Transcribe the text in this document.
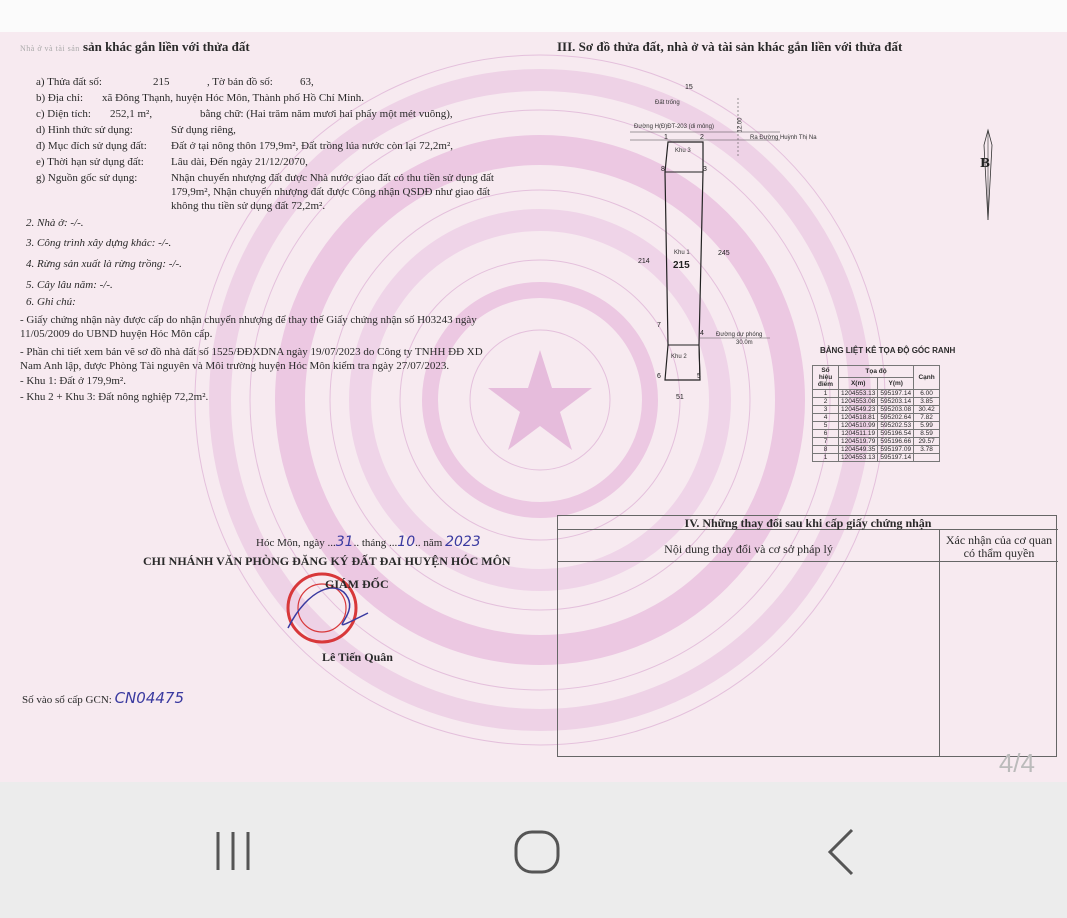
Nhà ở và tài sản sản khác gắn liền với thửa đất
a) Thửa đất số:	215	, Tờ bản đồ số: 63,
b) Địa chỉ: xã Đông Thạnh, huyện Hóc Môn, Thành phố Hồ Chí Minh.
c) Diện tích: 252,1 m²,	bằng chữ: (Hai trăm năm mươi hai phẩy một mét vuông),
d) Hình thức sử dụng:	Sử dụng riêng,
đ) Mục đích sử dụng đất: Đất ở tại nông thôn 179,9m², Đất trồng lúa nước còn lại 72,2m²,
e) Thời hạn sử dụng đất: Lâu dài, Đến ngày 21/12/2070,
g) Nguồn gốc sử dụng:	Nhận chuyển nhượng đất được Nhà nước giao đất có thu tiền sử dụng đất
179,9m², Nhận chuyển nhượng đất được Công nhận QSDĐ như giao đất
không thu tiền sử dụng đất 72,2m².
2. Nhà ở: -/-.
3. Công trình xây dựng khác: -/-.
4. Rừng sản xuất là rừng trồng: -/-.
5. Cây lâu năm: -/-.
6. Ghi chú:
- Giấy chứng nhận này được cấp do nhận chuyển nhượng để thay thế Giấy chứng nhận số H03243 ngày
11/05/2009 do UBND huyện Hóc Môn cấp.
- Phần chi tiết xem bản vẽ sơ đồ nhà đất số 1525/ĐĐXDNA ngày 19/07/2023 do Công ty TNHH ĐĐ XD
Nam Anh lập, được Phòng Tài nguyên và Môi trường huyện Hóc Môn kiểm tra ngày 27/07/2023.
- Khu 1: Đất ở 179,9m².
- Khu 2 + Khu 3: Đất nông nghiệp 72,2m².
Hóc Môn, ngày ...31.. tháng ...10.. năm 2023
CHI NHÁNH VĂN PHÒNG ĐĂNG KÝ ĐẤT ĐAI HUYỆN HÓC MÔN
GIÁM ĐỐC
Lê Tiến Quân
Số vào sổ cấp GCN: CN04475
III. Sơ đồ thửa đất, nhà ở và tài sản khác gắn liền với thửa đất
15
Đất trống
Đường H(Đ)ĐT-203 (di mông)	12.00
Ra Đường Huỳnh Thị Na
1	2
Khu 3
8	3
Khu 1
215
214
245
7
4 Đường dự phóng
30.0m
Khu 2
6	5
51
B
BẢNG LIỆT KÊ TỌA ĐỘ GÓC RANH
Số hiệu điểm	Tọa độ		Cạnh
	X(m)	Y(m)	
1	1204553.13	595197.14	6.00
2	1204553.08	595203.14	3.85
3	1204549.23	595203.08	30.42
4	1204518.81	595202.64	7.82
5	1204510.99	595202.53	5.99
6	1204511.19	595196.54	8.59
7	1204519.79	595196.66	29.57
8	1204549.35	595197.09	3.78
1	1204553.13	595197.14	
IV. Những thay đổi sau khi cấp giấy chứng nhận
Nội dung thay đổi và cơ sở pháp lý
Xác nhận của cơ quan
có thẩm quyền
4/4
